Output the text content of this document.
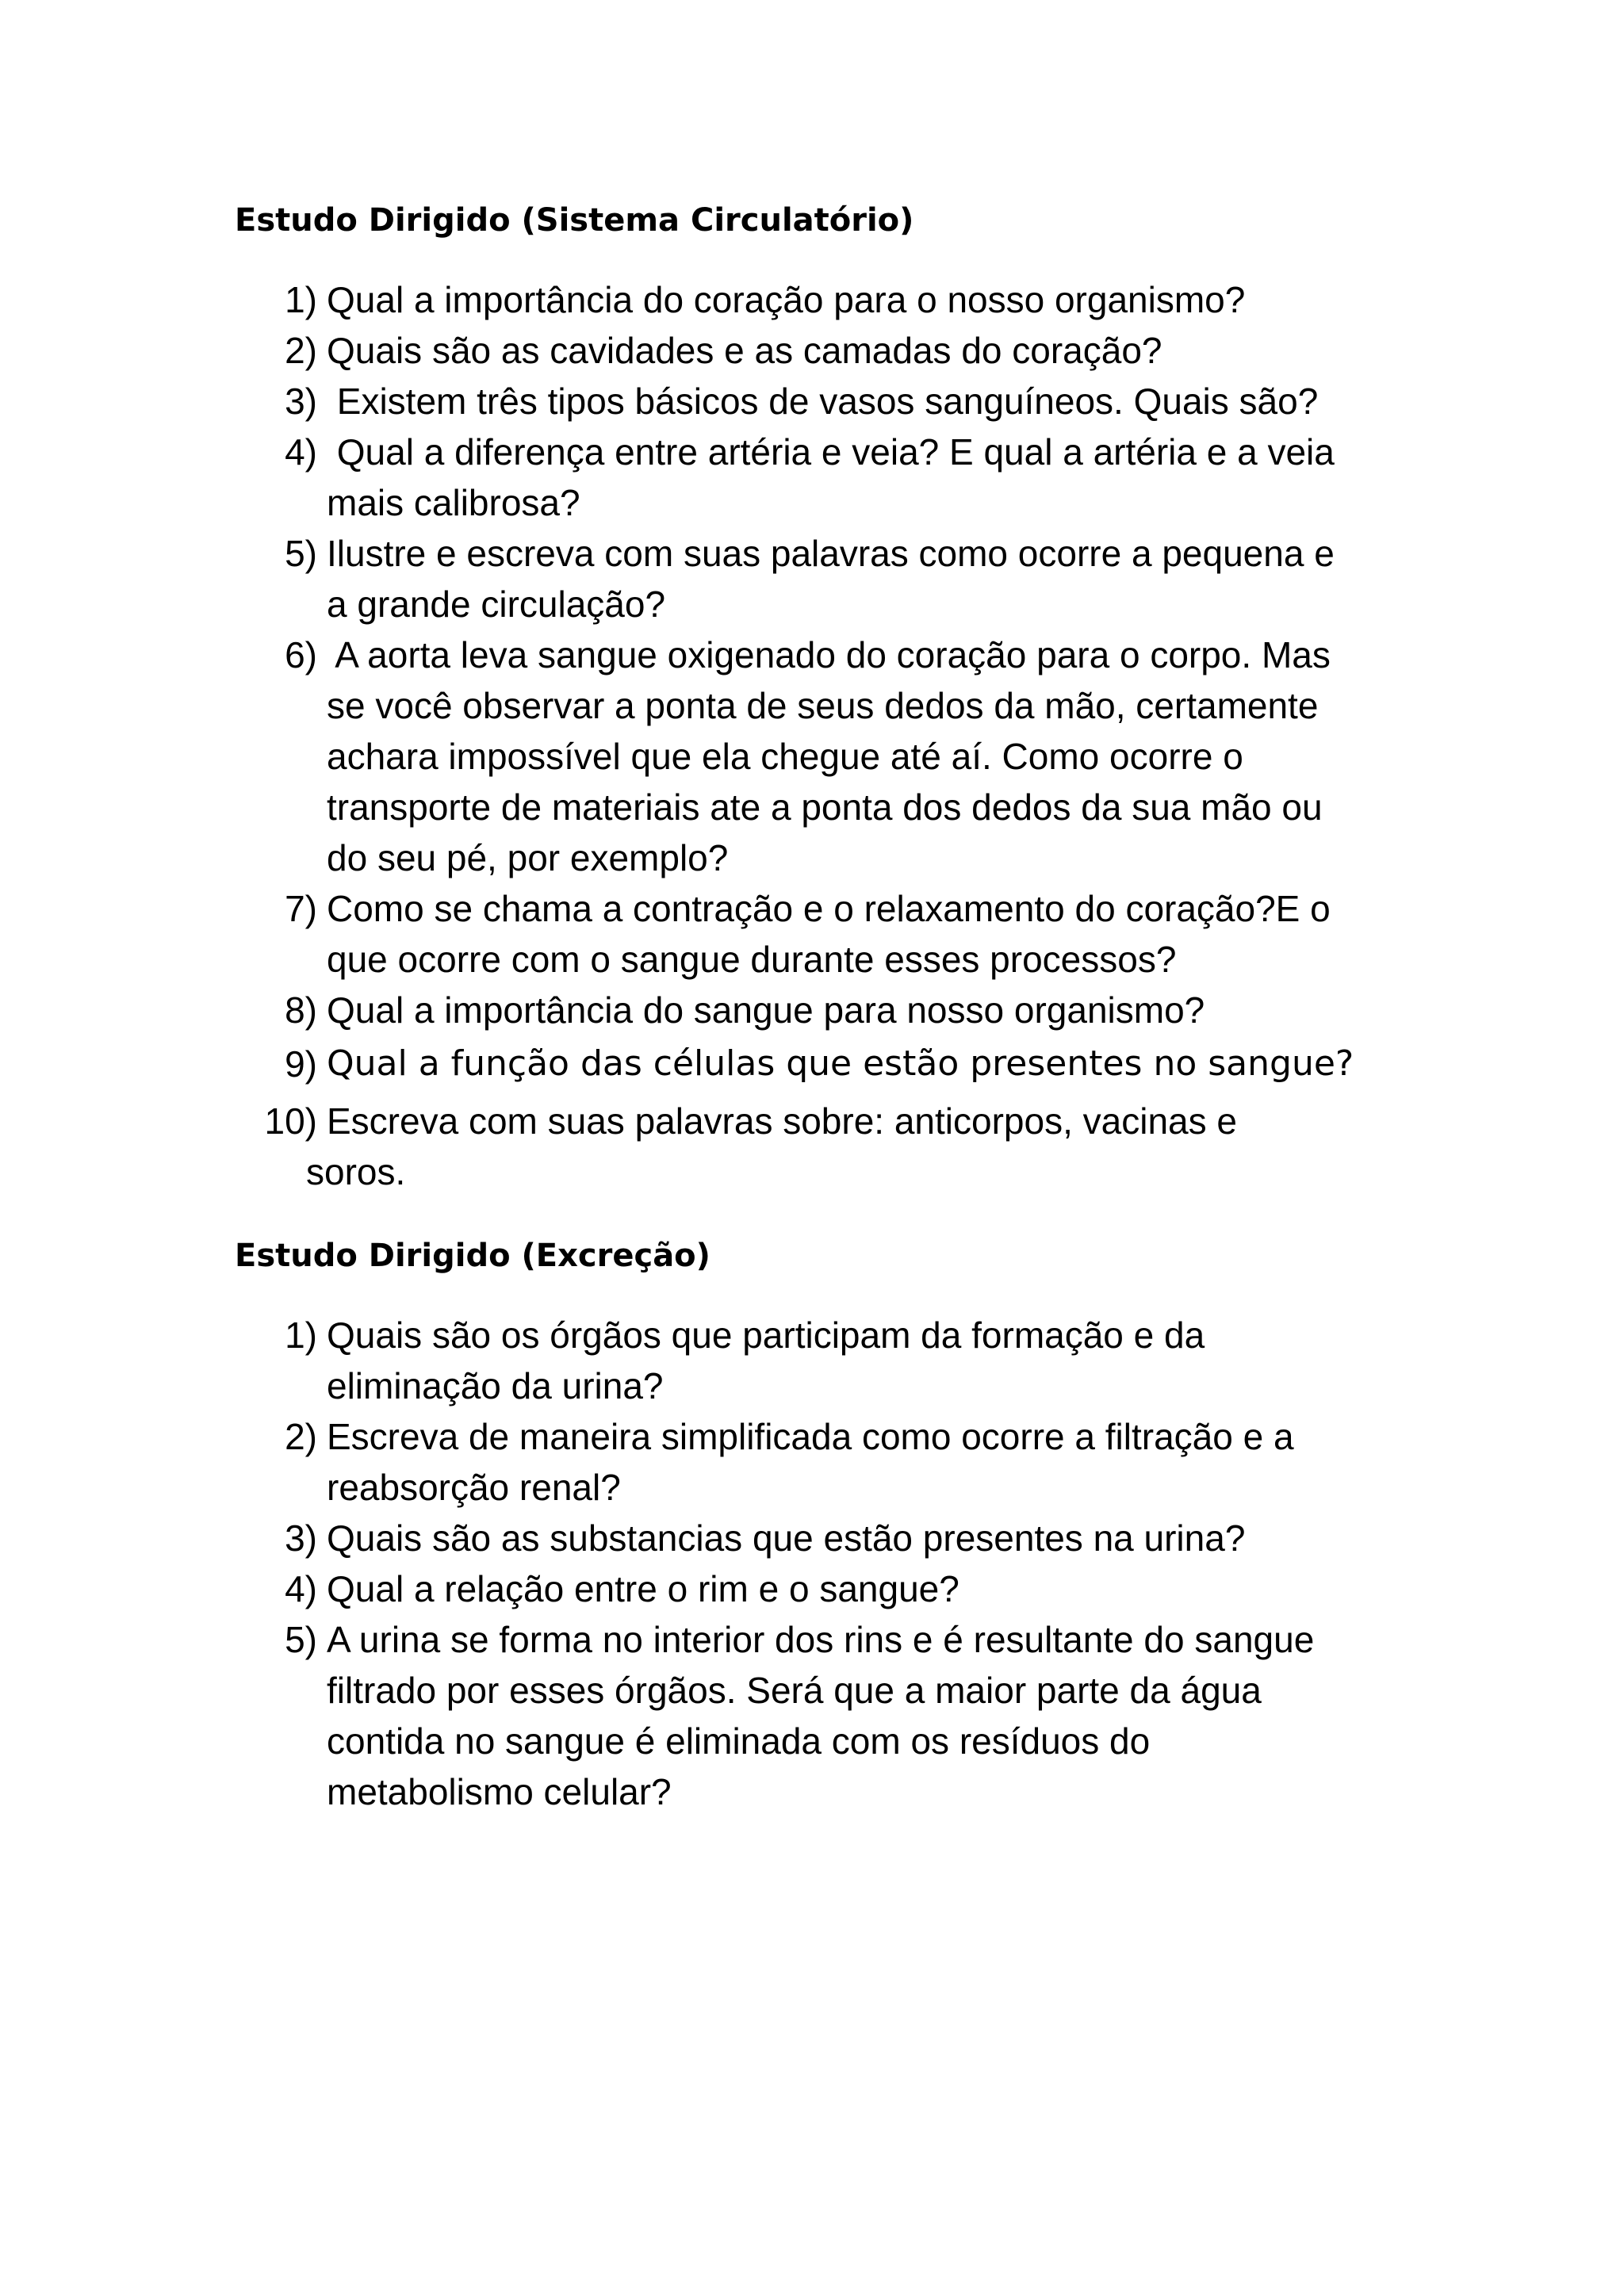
Estudo Dirigido (Sistema Circulatório)
1) Qual a importância do coração para o nosso organismo?
2) Quais são as cavidades e as camadas do coração?
3) Existem três tipos básicos de vasos sanguíneos. Quais são?
4) Qual a diferença entre artéria e veia? E qual a artéria e a veia
mais calibrosa?
5) Ilustre e escreva com suas palavras como ocorre a pequena e
a grande circulação?
6) A aorta leva sangue oxigenado do coração para o corpo. Mas
se você observar a ponta de seus dedos da mão, certamente
achara impossível que ela chegue até aí. Como ocorre o
transporte de materiais ate a ponta dos dedos da sua mão ou
do seu pé, por exemplo?
7) Como se chama a contração e o relaxamento do coração?E o
que ocorre com o sangue durante esses processos?
8) Qual a importância do sangue para nosso organismo?
9) Qual a função das células que estão presentes no sangue?
10) Escreva com suas palavras sobre: anticorpos, vacinas e
soros.
Estudo Dirigido (Excreção)
1) Quais são os órgãos que participam da formação e da
eliminação da urina?
2) Escreva de maneira simplificada como ocorre a filtração e a
reabsorção renal?
3) Quais são as substancias que estão presentes na urina?
4) Qual a relação entre o rim e o sangue?
5) A urina se forma no interior dos rins e é resultante do sangue
filtrado por esses órgãos. Será que a maior parte da água
contida no sangue é eliminada com os resíduos do
metabolismo celular?
